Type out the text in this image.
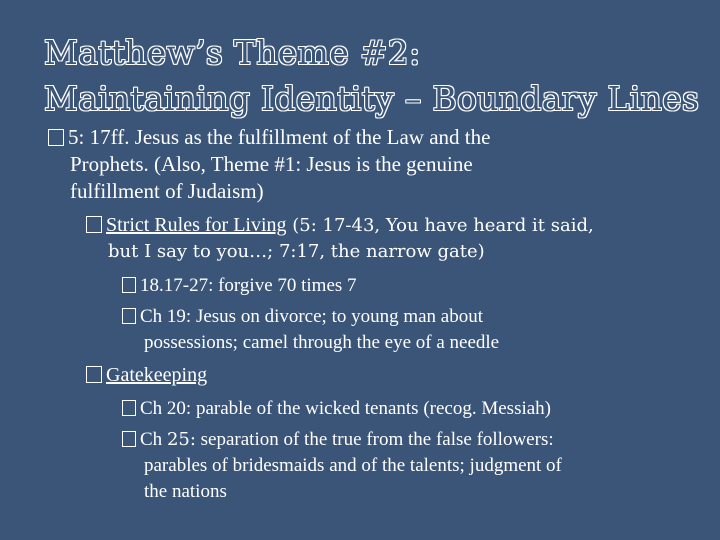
Matthew’s Theme #2:
Maintaining Identity – Boundary Lines
5: 17ff. Jesus as the fulfillment of the Law and the
Prophets. (Also, Theme #1: Jesus is the genuine
fulfillment of Judaism)
Strict Rules for Living (5: 17-43, You have heard it said,
but I say to you…; 7:17, the narrow gate)
18.17-27: forgive 70 times 7
Ch 19: Jesus on divorce; to young man about
possessions; camel through the eye of a needle
Gatekeeping
Ch 20: parable of the wicked tenants (recog. Messiah)
Ch 25: separation of the true from the false followers:
parables of bridesmaids and of the talents; judgment of
the nations
